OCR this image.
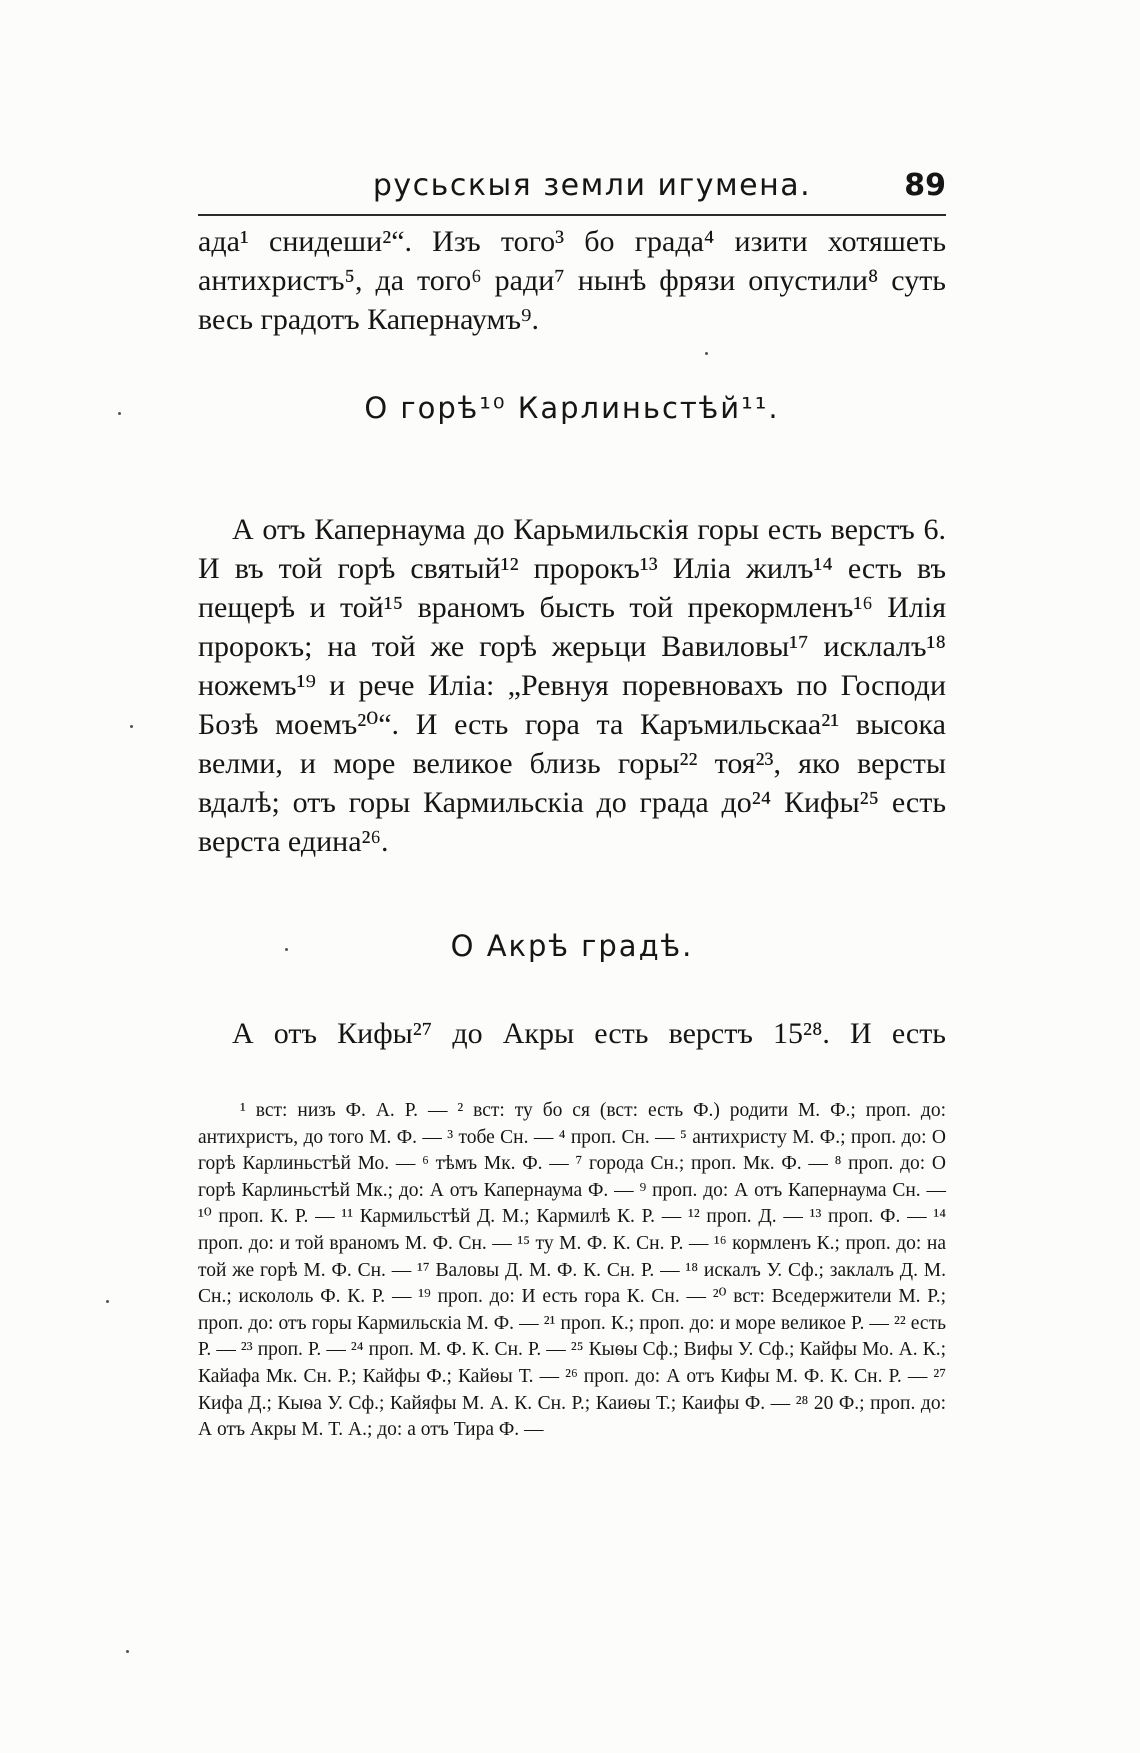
русьскыя земли игумена.	89
ада¹ снидеши²“. Изъ того³ бо града⁴ изити хотяшеть антихристъ⁵, да того⁶ ради⁷ нынѣ фрязи опустили⁸ суть весь градотъ Капернаумъ⁹.
О горѣ¹⁰ Карлиньстѣй¹¹.
А отъ Капернаума до Карьмильскія горы есть верстъ 6. И въ той горѣ святый¹² пророкъ¹³ Иліа жилъ¹⁴ есть въ пещерѣ и той¹⁵ враномъ бысть той прекормленъ¹⁶ Илія пророкъ; на той же горѣ жерьци Вавиловы¹⁷ исклалъ¹⁸ ножемъ¹⁹ и рече Иліа: „Ревнуя поревновахъ по Господи Бозѣ моемъ²⁰“. И есть гора та Каръмильскаа²¹ высока велми, и море великое близь горы²² тоя²³, яко версты вдалѣ; отъ горы Кармильскіа до града до²⁴ Кифы²⁵ есть верста едина²⁶.
О Акрѣ градѣ.
А отъ Кифы²⁷ до Акры есть верстъ 15²⁸. И есть

¹ вст: низъ Ф. А. Р. — ² вст: ту бо ся (вст: есть Ф.) родити М. Ф.; проп. до: антихристъ, до того М. Ф. — ³ тобе Сн. — ⁴ проп. Сн. — ⁵ антихристу М. Ф.; проп. до: О горѣ Карлиньстѣй Мо. — ⁶ тѣмъ Мк. Ф. — ⁷ города Сн.; проп. Мк. Ф. — ⁸ проп. до: О горѣ Карлиньстѣй Мк.; до: А отъ Капернаума Ф. — ⁹ проп. до: А отъ Капернаума Сн. — ¹⁰ проп. К. Р. — ¹¹ Кармильстѣй Д. М.; Кармилѣ К. Р. — ¹² проп. Д. — ¹³ проп. Ф. — ¹⁴ проп. до: и той враномъ М. Ф. Сн. — ¹⁵ ту М. Ф. К. Сн. Р. — ¹⁶ кормленъ К.; проп. до: на той же горѣ М. Ф. Сн. — ¹⁷ Валовы Д. М. Ф. К. Сн. Р. — ¹⁸ искалъ У. Сф.; заклалъ Д. М. Сн.; искололь Ф. К. Р. — ¹⁹ проп. до: И есть гора К. Сн. — ²⁰ вст: Вседержители М. Р.; проп. до: отъ горы Кармильскіа М. Ф. — ²¹ проп. К.; проп. до: и море великое Р. — ²² есть Р. — ²³ проп. Р. — ²⁴ проп. М. Ф. К. Сн. Р. — ²⁵ Кыѳы Сф.; Вифы У. Сф.; Кайфы Мо. А. К.; Кайафа Мк. Сн. Р.; Кайфы Ф.; Кайѳы Т. — ²⁶ проп. до: А отъ Кифы М. Ф. К. Сн. Р. — ²⁷ Кифа Д.; Кыѳа У. Сф.; Кайяфы М. А. К. Сн. Р.; Каиѳы Т.; Каифы Ф. — ²⁸ 20 Ф.; проп. до: А отъ Акры М. Т. А.; до: а отъ Тира Ф. —
